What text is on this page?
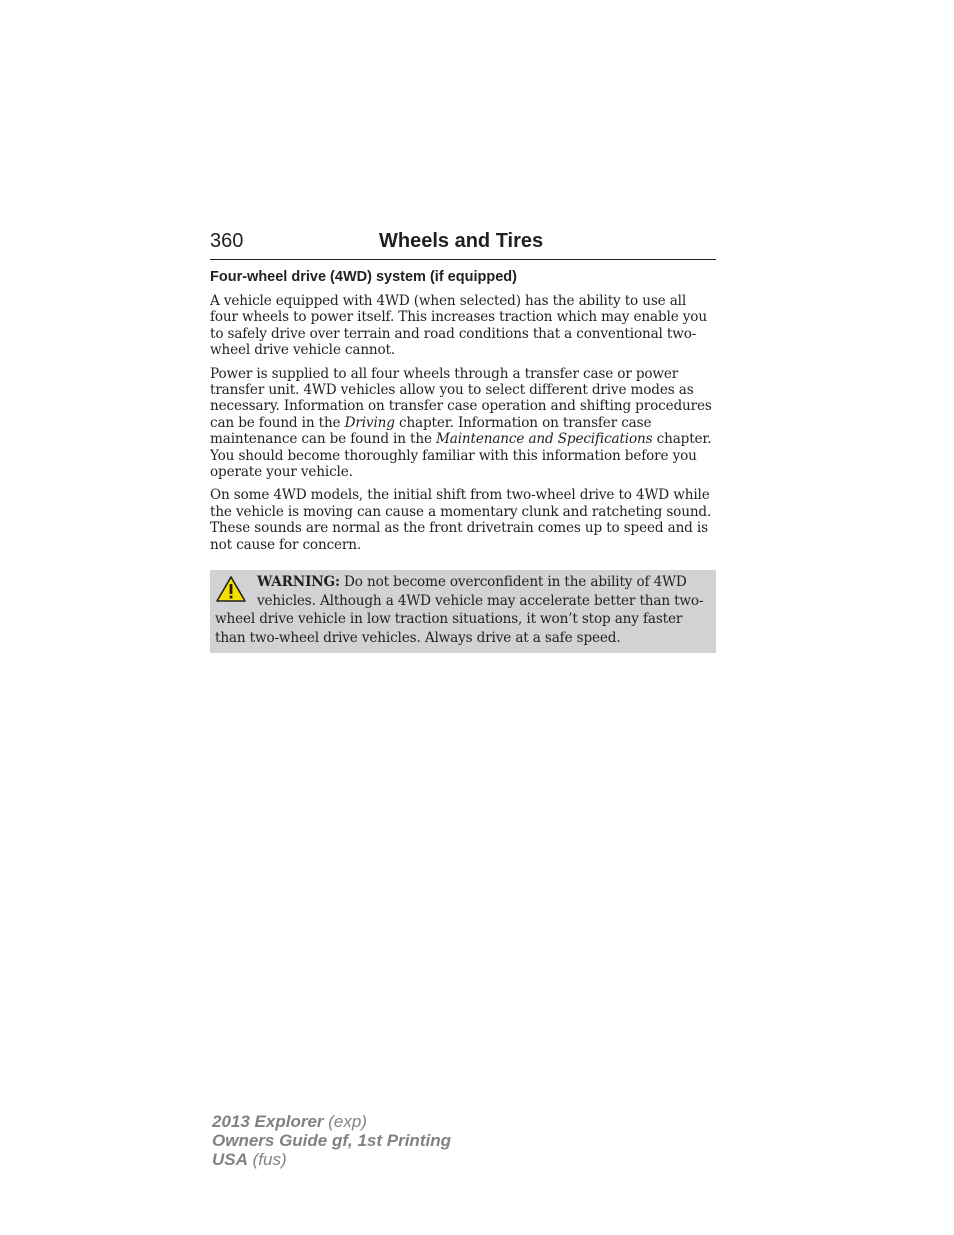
360	Wheels and Tires
Four-wheel drive (4WD) system (if equipped)

A vehicle equipped with 4WD (when selected) has the ability to use all four wheels to power itself. This increases traction which may enable you to safely drive over terrain and road conditions that a conventional two-wheel drive vehicle cannot.

Power is supplied to all four wheels through a transfer case or power transfer unit. 4WD vehicles allow you to select different drive modes as necessary. Information on transfer case operation and shifting procedures can be found in the Driving chapter. Information on transfer case maintenance can be found in the Maintenance and Specifications chapter. You should become thoroughly familiar with this information before you operate your vehicle.

On some 4WD models, the initial shift from two-wheel drive to 4WD while the vehicle is moving can cause a momentary clunk and ratcheting sound. These sounds are normal as the front drivetrain comes up to speed and is not cause for concern.

WARNING: Do not become overconfident in the ability of 4WD vehicles. Although a 4WD vehicle may accelerate better than two-wheel drive vehicle in low traction situations, it won’t stop any faster than two-wheel drive vehicles. Always drive at a safe speed.
2013 Explorer (exp)
Owners Guide gf, 1st Printing
USA (fus)
